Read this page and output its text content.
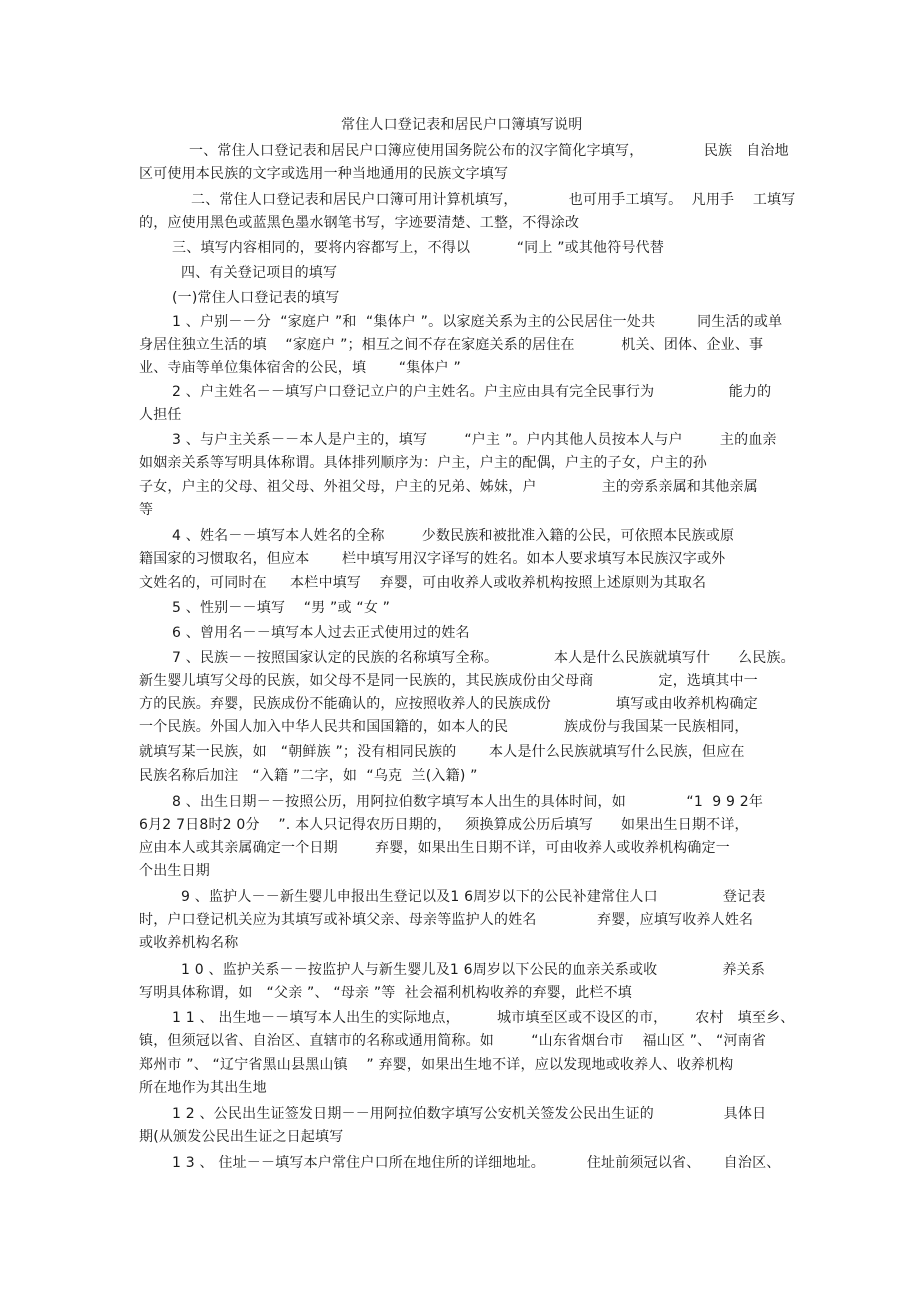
常住人口登记表和居民户口簿填写说明
一、常住人口登记表和居民户口簿应使用国务院公布的汉字简化字填写，             民族   自治地
区可使用本民族的文字或选用一种当地通用的民族文字填写
二、常住人口登记表和居民户口簿可用计算机填写，           也可用手工填写。  凡用手    工填写
的，应使用黑色或蓝黑色墨水钢笔书写，字迹要清楚、工整，不得涂改
三、填写内容相同的，要将内容都写上，不得以          “同上 ”或其他符号代替
四、有关登记项目的填写
(一)常住人口登记表的填写
1 、户别－－分  “家庭户 ”和  “集体户 ”。以家庭关系为主的公民居住一处共         同生活的或单
身居住独立生活的填    “家庭户 ”；相互之间不存在家庭关系的居住在          机关、团体、企业、事
业、寺庙等单位集体宿舍的公民，填       “集体户 ”
2 、户主姓名－－填写户口登记立户的户主姓名。户主应由具有完全民事行为                能力的
人担任
3 、与户主关系－－本人是户主的，填写        “户主 ”。户内其他人员按本人与户        主的血亲
如姻亲关系等写明具体称谓。具体排列顺序为：户主，户主的配偶，户主的子女，户主的孙
子女，户主的父母、祖父母、外祖父母，户主的兄弟、姊妹，户              主的旁系亲属和其他亲属
等
4 、姓名－－填写本人姓名的全称        少数民族和被批准入籍的公民，可依照本民族或原
籍国家的习惯取名，但应本       栏中填写用汉字译写的姓名。如本人要求填写本民族汉字或外
文姓名的，可同时在     本栏中填写    弃婴，可由收养人或收养机构按照上述原则为其取名
5 、性别－－填写    “男 ”或 “女 ”
6 、曾用名－－填写本人过去正式使用过的姓名
7 、民族－－按照国家认定的民族的名称填写全称。            本人是什么民族就填写什      么民族。
新生婴儿填写父母的民族，如父母不是同一民族的，其民族成份由父母商              定，选填其中一
方的民族。弃婴，民族成份不能确认的，应按照收养人的民族成份              填写或由收养机构确定
一个民族。外国人加入中华人民共和国国籍的，如本人的民            族成份与我国某一民族相同，
就填写某一民族，如   “朝鲜族 ”；没有相同民族的       本人是什么民族就填写什么民族，但应在
民族名称后加注   “入籍 ”二字，如  “乌克  兰(入籍) ”
8 、出生日期－－按照公历，用阿拉伯数字填写本人出生的具体时间，如             “1  9 9 2年
6月2 7日8时2 0分    ”. 本人只记得农历日期的，   须换算成公历后填写      如果出生日期不详，
应由本人或其亲属确定一个日期        弃婴，如果出生日期不详，可由收养人或收养机构确定一
个出生日期
9 、监护人－－新生婴儿申报出生登记以及1 6周岁以下的公民补建常住人口              登记表
时，户口登记机关应为其填写或补填父亲、母亲等监护人的姓名             弃婴，应填写收养人姓名
或收养机构名称
1 0 、监护关系－－按监护人与新生婴儿及1 6周岁以下公民的血亲关系或收              养关系
写明具体称谓，如   “父亲 ”、 “母亲 ”等  社会福利机构收养的弃婴，此栏不填
1 1 、 出生地－－填写本人出生的实际地点，        城市填至区或不设区的市，      农村   填至乡、
镇，但须冠以省、自治区、直辖市的名称或通用简称。如        “山东省烟台市    福山区 ”、 “河南省
郑州市 ”、 “辽宁省黑山县黑山镇    ” 弃婴，如果出生地不详，应以发现地或收养人、收养机构
所在地作为其出生地
1 2 、公民出生证签发日期－－用阿拉伯数字填写公安机关签发公民出生证的               具体日
期(从颁发公民出生证之日起填写
1 3 、 住址－－填写本户常住户口所在地住所的详细地址。         住址前须冠以省、     自治区、
